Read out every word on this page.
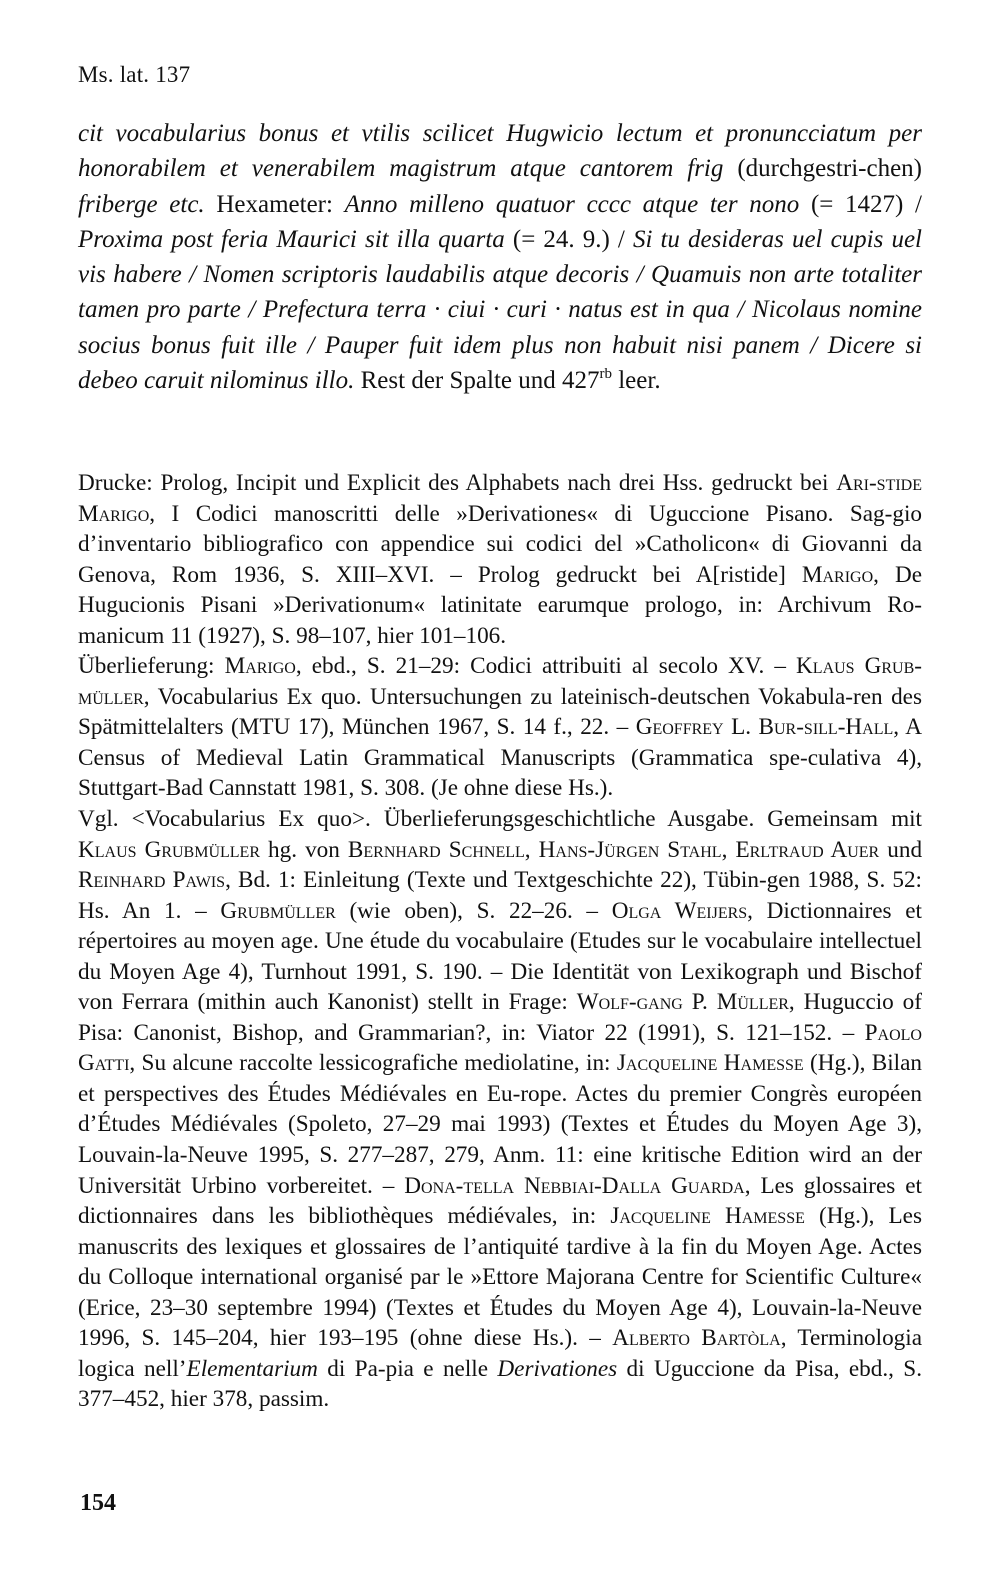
Ms. lat. 137
cit vocabularius bonus et vtilis scilicet Hugwicio lectum et pronuncciatum per honorabilem et venerabilem magistrum atque cantorem frig (durchgestri-chen) friberge etc. Hexameter: Anno milleno quatuor cccc atque ter nono (= 1427) / Proxima post feria Maurici sit illa quarta (= 24. 9.) / Si tu desideras uel cupis uel vis habere / Nomen scriptoris laudabilis atque decoris / Quamuis non arte totaliter tamen pro parte / Prefectura terra · ciui · curi · natus est in qua / Nicolaus nomine socius bonus fuit ille / Pauper fuit idem plus non habuit nisi panem / Dicere si debeo caruit nilominus illo. Rest der Spalte und $427^{rb}$ leer.

Drucke: Prolog, Incipit und Explicit des Alphabets nach drei Hss. gedruckt bei Ari-stide Marigo, I Codici manoscritti delle »Derivationes« di Uguccione Pisano. Sag-gio d’inventario bibliografico con appendice sui codici del »Catholicon« di Giovanni da Genova, Rom 1936, S. XIII–XVI. – Prolog gedruckt bei A[ristide] Marigo, De Hugucionis Pisani »Derivationum« latinitate earumque prologo, in: Archivum Ro-manicum 11 (1927), S. 98–107, hier 101–106.

Überlieferung: Marigo, ebd., S. 21–29: Codici attribuiti al secolo XV. – Klaus Grub-müller, Vocabularius Ex quo. Untersuchungen zu lateinisch-deutschen Vokabula-ren des Spätmittelalters (MTU 17), München 1967, S. 14 f., 22. – Geoffrey L. Bur-sill-Hall, A Census of Medieval Latin Grammatical Manuscripts (Grammatica spe-culativa 4), Stuttgart-Bad Cannstatt 1981, S. 308. (Je ohne diese Hs.).

Vgl. <Vocabularius Ex quo>. Überlieferungsgeschichtliche Ausgabe. Gemeinsam mit Klaus Grubmüller hg. von Bernhard Schnell, Hans-Jürgen Stahl, Erltraud Auer und Reinhard Pawis, Bd. 1: Einleitung (Texte und Textgeschichte 22), Tübin-gen 1988, S. 52: Hs. An 1. – Grubmüller (wie oben), S. 22–26. – Olga Weijers, Dictionnaires et répertoires au moyen age. Une étude du vocabulaire (Etudes sur le vocabulaire intellectuel du Moyen Age 4), Turnhout 1991, S. 190. – Die Identität von Lexikograph und Bischof von Ferrara (mithin auch Kanonist) stellt in Frage: Wolf-gang P. Müller, Huguccio of Pisa: Canonist, Bishop, and Grammarian?, in: Viator 22 (1991), S. 121–152. – Paolo Gatti, Su alcune raccolte lessicografiche mediolatine, in: Jacqueline Hamesse (Hg.), Bilan et perspectives des Études Médiévales en Eu-rope. Actes du premier Congrès européen d’Études Médiévales (Spoleto, 27–29 mai 1993) (Textes et Études du Moyen Age 3), Louvain-la-Neuve 1995, S. 277–287, 279, Anm. 11: eine kritische Edition wird an der Universität Urbino vorbereitet. – Dona-tella Nebbiai-Dalla Guarda, Les glossaires et dictionnaires dans les bibliothèques médiévales, in: Jacqueline Hamesse (Hg.), Les manuscrits des lexiques et glossaires de l’antiquité tardive à la fin du Moyen Age. Actes du Colloque international organisé par le »Ettore Majorana Centre for Scientific Culture« (Erice, 23–30 septembre 1994) (Textes et Études du Moyen Age 4), Louvain-la-Neuve 1996, S. 145–204, hier 193–195 (ohne diese Hs.). – Alberto Bartòla, Terminologia logica nell’Elementarium di Pa-pia e nelle Derivationes di Uguccione da Pisa, ebd., S. 377–452, hier 378, passim.

154
